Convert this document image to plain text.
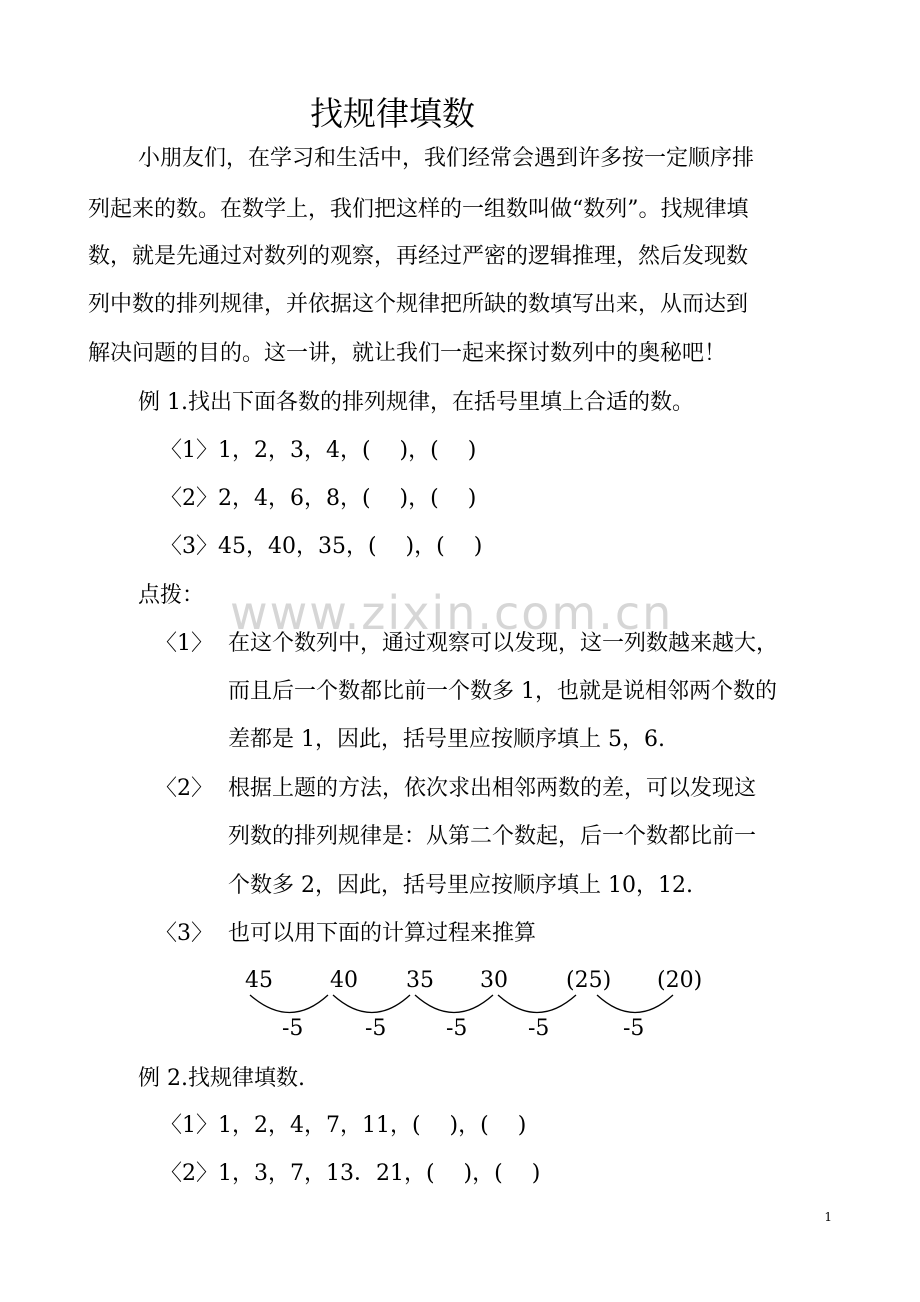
www.zixin.com.cn
找规律填数
小朋友们，在学习和生活中，我们经常会遇到许多按一定顺序排
列起来的数。在数学上，我们把这样的一组数叫做“数列”。找规律填
数，就是先通过对数列的观察，再经过严密的逻辑推理，然后发现数
列中数的排列规律，并依据这个规律把所缺的数填写出来，从而达到
解决问题的目的。这一讲，就让我们一起来探讨数列中的奥秘吧！
例 1.找出下面各数的排列规律，在括号里填上合适的数。
〈1〉1，2，3，4，(　 )，(　 )
〈2〉2，4，6，8，(　 )，(　 )
〈3〉45，40，35，(　 )，(　 )
点拨：
〈1〉 在这个数列中，通过观察可以发现，这一列数越来越大，
而且后一个数都比前一个数多 1，也就是说相邻两个数的
差都是 1，因此，括号里应按顺序填上 5，6.
〈2〉 根据上题的方法，依次求出相邻两数的差，可以发现这
列数的排列规律是：从第二个数起，后一个数都比前一
个数多 2，因此，括号里应按顺序填上 10，12.
〈3〉 也可以用下面的计算过程来推算
45	40 35 30	(25) (20)
-5	-5	-5	-5	-5
例 2.找规律填数.
〈1〉1，2，4，7，11，(　 )，(　 )
〈2〉1，3，7，13．21，(　 )，(　 )
1
